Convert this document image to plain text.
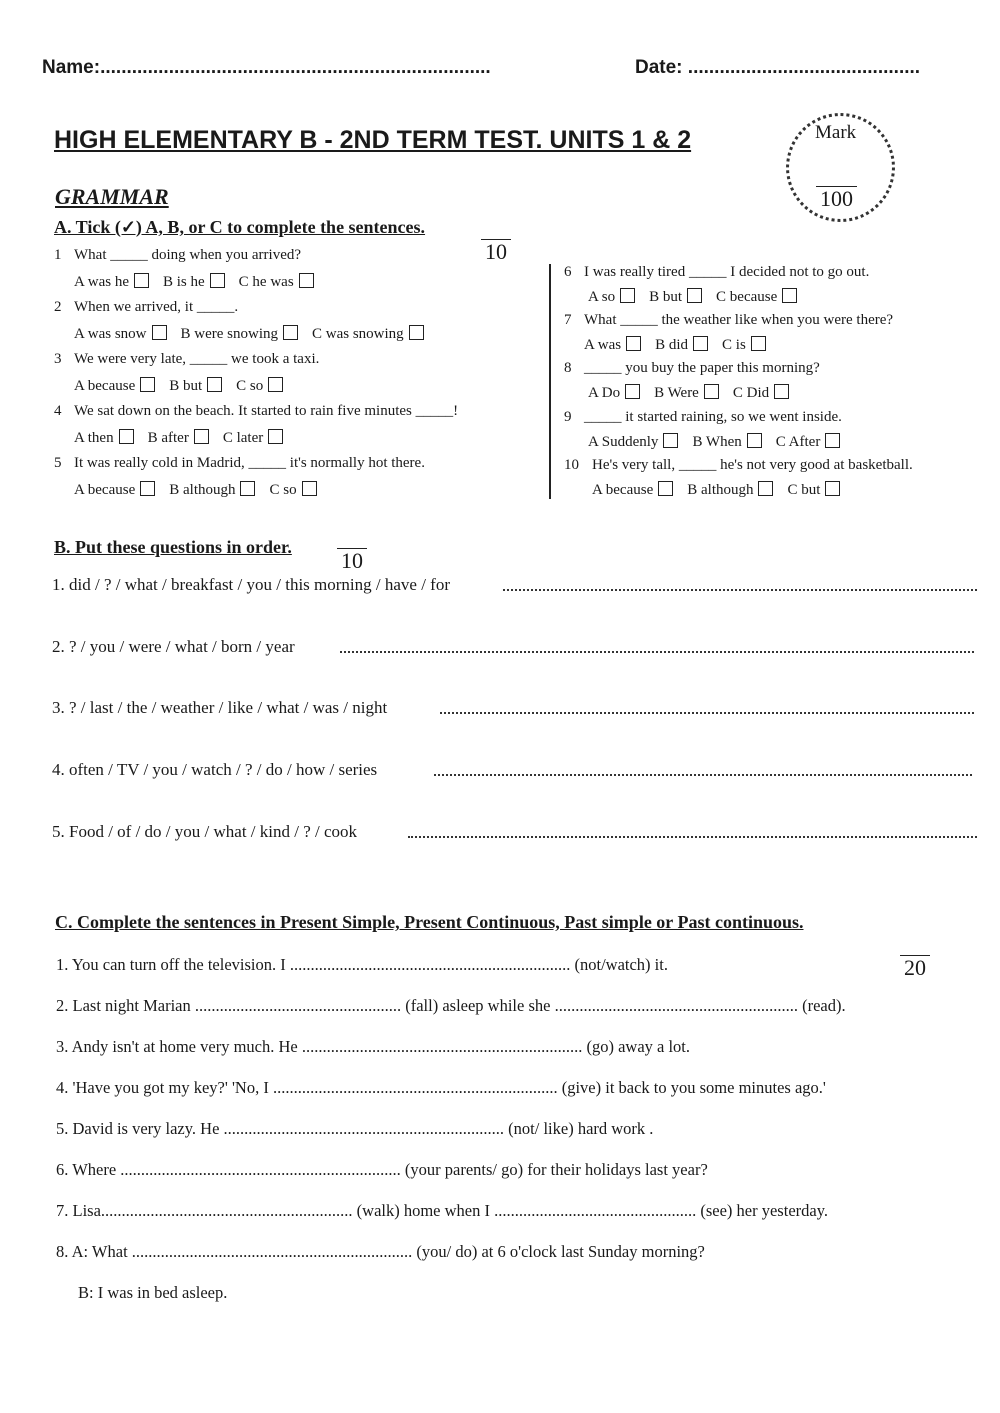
Name:..........................................................................	Date: ............................................
HIGH ELEMENTARY B - 2ND TERM TEST. UNITS 1 & 2	Mark
100
GRAMMAR
A. Tick (✓) A, B, or C to complete the sentences.
10
1 What _____ doing when you arrived?
A was he B is he C he was
2 When we arrived, it _____.
A was snow B were snowing C was snowing
3 We were very late, _____ we took a taxi.
A because B but C so
4 We sat down on the beach. It started to rain five minutes _____!
A then B after C later
5 It was really cold in Madrid, _____ it's normally hot there.
A because B although C so
6 I was really tired _____ I decided not to go out.
A so B but C because
7 What _____ the weather like when you were there?
A was B did C is
8 _____ you buy the paper this morning?
A Do B Were C Did
9 _____ it started raining, so we went inside.
A Suddenly B When C After
10 He's very tall, _____ he's not very good at basketball.
A because B although C but
B. Put these questions in order.
10
1. did / ? / what / breakfast / you / this morning / have / for
2. ? / you / were / what / born / year
3. ? / last / the / weather / like / what / was / night
4. often / TV / you / watch / ? / do / how / series
5. Food / of / do / you / what / kind / ? / cook
C. Complete the sentences in Present Simple, Present Continuous, Past simple or Past continuous.
20
1. You can turn off the television. I .................................................................... (not/watch) it.
2. Last night Marian .................................................. (fall) asleep while she ........................................................... (read).
3. Andy isn't at home very much. He .................................................................... (go) away a lot.
4. 'Have you got my key?' 'No, I ..................................................................... (give) it back to you some minutes ago.'
5. David is very lazy. He .................................................................... (not/ like) hard work .
6. Where .................................................................... (your parents/ go) for their holidays last year?
7. Lisa............................................................. (walk) home when I ................................................. (see) her yesterday.
8. A: What .................................................................... (you/ do) at 6 o'clock last Sunday morning?
B: I was in bed asleep.
